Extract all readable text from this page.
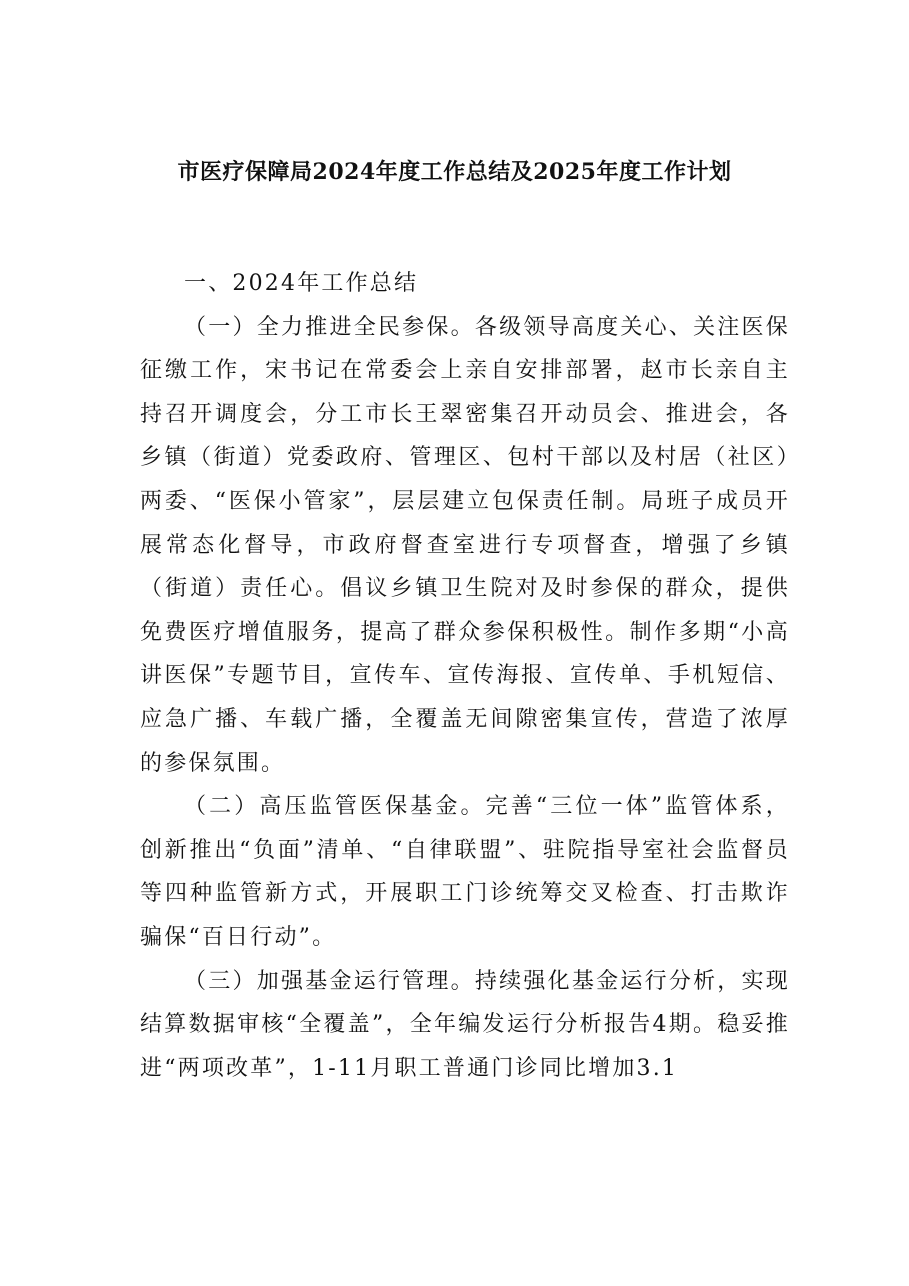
市医疗保障局2024年度工作总结及2025年度工作计划

一、2024年工作总结

（一）全力推进全民参保。各级领导高度关心、关注医保征缴工作，宋书记在常委会上亲自安排部署，赵市长亲自主持召开调度会，分工市长王翠密集召开动员会、推进会，各乡镇（街道）党委政府、管理区、包村干部以及村居（社区）两委、“医保小管家”，层层建立包保责任制。局班子成员开展常态化督导，市政府督查室进行专项督查，增强了乡镇（街道）责任心。倡议乡镇卫生院对及时参保的群众，提供免费医疗增值服务，提高了群众参保积极性。制作多期“小高讲医保”专题节目，宣传车、宣传海报、宣传单、手机短信、应急广播、车载广播，全覆盖无间隙密集宣传，营造了浓厚的参保氛围。

（二）高压监管医保基金。完善“三位一体”监管体系，创新推出“负面”清单、“自律联盟”、驻院指导室社会监督员等四种监管新方式，开展职工门诊统筹交叉检查、打击欺诈骗保“百日行动”。

（三）加强基金运行管理。持续强化基金运行分析，实现结算数据审核“全覆盖”，全年编发运行分析报告4期。稳妥推进“两项改革”，1-11月职工普通门诊同比增加3.1
